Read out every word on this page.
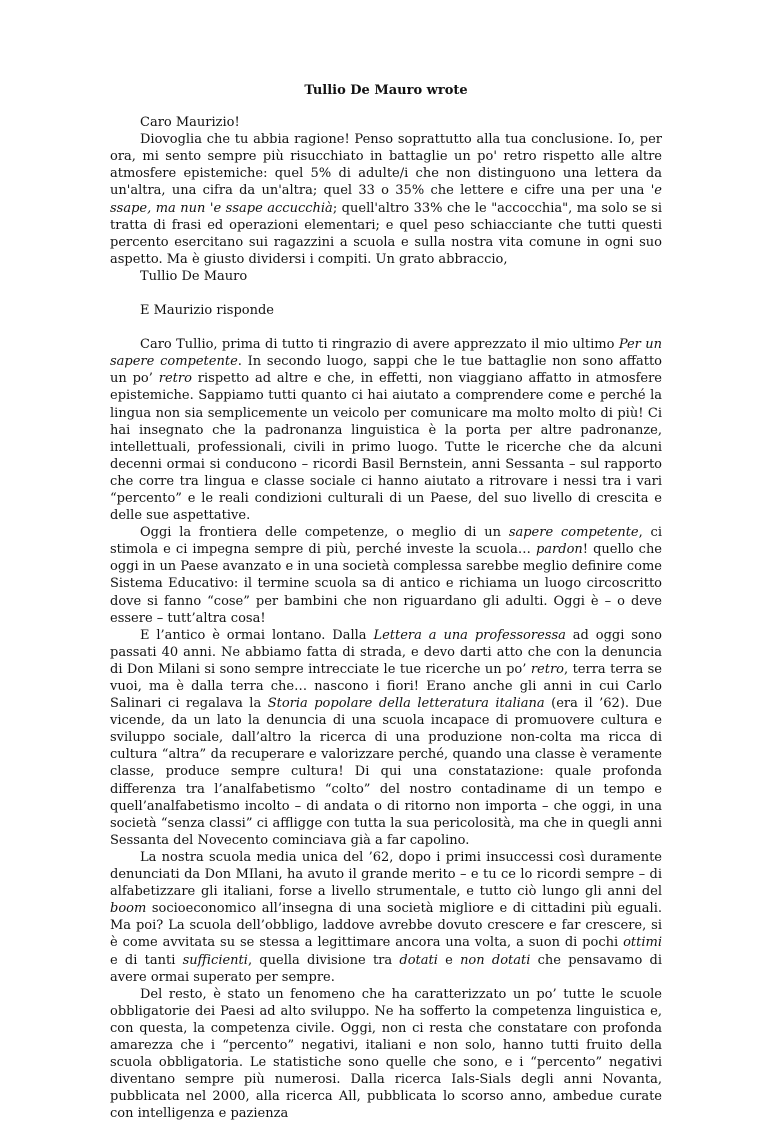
Tullio De Mauro wrote

Caro Maurizio!

Diovoglia che tu abbia ragione! Penso soprattutto alla tua conclusione. Io, per ora, mi sento sempre più risucchiato in battaglie un po' retro rispetto alle altre atmosfere epistemiche: quel 5% di adulte/i che non distinguono una lettera da un'altra, una cifra da un'altra; quel 33 o 35% che lettere e cifre una per una 'e ssape, ma nun 'e ssape accucchià; quell'altro 33% che le "accocchia", ma solo se si tratta di frasi ed operazioni elementari; e quel peso schiacciante che tutti questi percento esercitano sui ragazzini a scuola e sulla nostra vita comune in ogni suo aspetto. Ma è giusto dividersi i compiti. Un grato abbraccio,

Tullio De Mauro

E Maurizio risponde

Caro Tullio, prima di tutto ti ringrazio di avere apprezzato il mio ultimo Per un sapere competente. In secondo luogo, sappi che le tue battaglie non sono affatto un po’ retro rispetto ad altre e che, in effetti, non viaggiano affatto in atmosfere epistemiche. Sappiamo tutti quanto ci hai aiutato a comprendere come e perché la lingua non sia semplicemente un veicolo per comunicare ma molto molto di più! Ci hai insegnato che la padronanza linguistica è la porta per altre padronanze, intellettuali, professionali, civili in primo luogo. Tutte le ricerche che da alcuni decenni ormai si conducono – ricordi Basil Bernstein, anni Sessanta – sul rapporto che corre tra lingua e classe sociale ci hanno aiutato a ritrovare i nessi tra i vari “percento” e le reali condizioni culturali di un Paese, del suo livello di crescita e delle sue aspettative.

Oggi la frontiera delle competenze, o meglio di un sapere competente, ci stimola e ci impegna sempre di più, perché investe la scuola… pardon! quello che oggi in un Paese avanzato e in una società complessa sarebbe meglio definire come Sistema Educativo: il termine scuola sa di antico e richiama un luogo circoscritto dove si fanno “cose” per bambini che non riguardano gli adulti. Oggi è – o deve essere – tutt’altra cosa!

E l’antico è ormai lontano. Dalla Lettera a una professoressa ad oggi sono passati 40 anni. Ne abbiamo fatta di strada, e devo darti atto che con la denuncia di Don Milani si sono sempre intrecciate le tue ricerche un po’ retro, terra terra se vuoi, ma è dalla terra che… nascono i fiori! Erano anche gli anni in cui Carlo Salinari ci regalava la Storia popolare della letteratura italiana (era il ’62). Due vicende, da un lato la denuncia di una scuola incapace di promuovere cultura e sviluppo sociale, dall’altro la ricerca di una produzione non-colta ma ricca di cultura “altra” da recuperare e valorizzare perché, quando una classe è veramente classe, produce sempre cultura! Di qui una constatazione: quale profonda differenza tra l’analfabetismo “colto” del nostro contadiname di un tempo e quell’analfabetismo incolto – di andata o di ritorno non importa – che oggi, in una società “senza classi” ci affligge con tutta la sua pericolosità, ma che in quegli anni Sessanta del Novecento cominciava già a far capolino.

La nostra scuola media unica del ’62, dopo i primi insuccessi così duramente denunciati da Don MIlani, ha avuto il grande merito – e tu ce lo ricordi sempre – di alfabetizzare gli italiani, forse a livello strumentale, e tutto ciò lungo gli anni del boom socioeconomico all’insegna di una società migliore e di cittadini più eguali. Ma poi? La scuola dell’obbligo, laddove avrebbe dovuto crescere e far crescere, si è come avvitata su se stessa a legittimare ancora una volta, a suon di pochi ottimi e di tanti sufficienti, quella divisione tra dotati e non dotati che pensavamo di avere ormai superato per sempre.

Del resto, è stato un fenomeno che ha caratterizzato un po’ tutte le scuole obbligatorie dei Paesi ad alto sviluppo. Ne ha sofferto la competenza linguistica e, con questa, la competenza civile. Oggi, non ci resta che constatare con profonda amarezza che i “percento” negativi, italiani e non solo, hanno tutti fruito della scuola obbligatoria. Le statistiche sono quelle che sono, e i “percento” negativi diventano sempre più numerosi. Dalla ricerca Ials-Sials degli anni Novanta, pubblicata nel 2000, alla ricerca All, pubblicata lo scorso anno, ambedue curate con intelligenza e pazienza
